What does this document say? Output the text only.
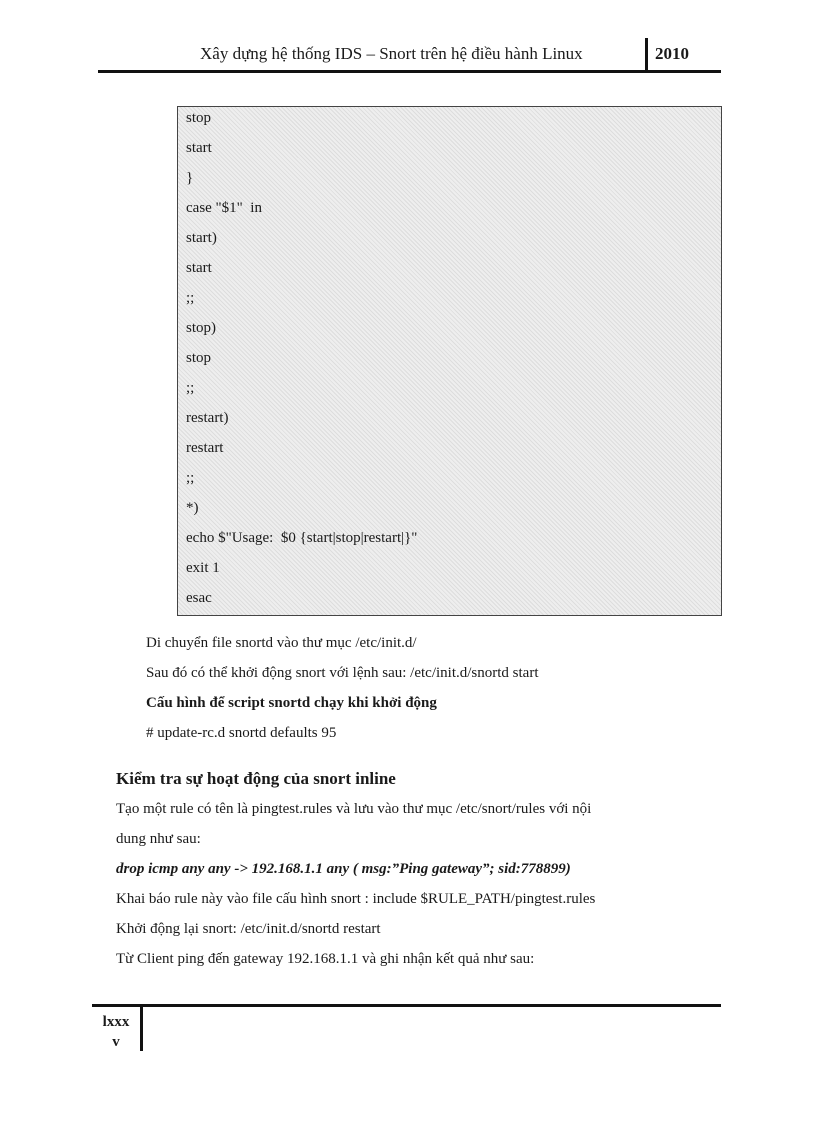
Xây dựng hệ thống IDS – Snort trên hệ điều hành Linux	2010
stop
start
}
case "$1"  in
start)
start
;;
stop)
stop
;;
restart)
restart
;;
*)
echo $"Usage:  $0 {start|stop|restart|}"
exit 1
esac
Di chuyển file snortd vào thư mục /etc/init.d/
Sau đó có thể khởi động snort với lệnh sau: /etc/init.d/snortd start
Cấu hình để script snortd chạy khi khởi động
# update-rc.d snortd defaults 95
Kiểm tra sự hoạt động của snort inline
Tạo một rule có tên là pingtest.rules và lưu vào thư mục /etc/snort/rules với nội
dung như sau:
drop icmp any any -> 192.168.1.1 any ( msg:”Ping gateway”; sid:778899)
Khai báo rule này vào file cấu hình snort : include $RULE_PATH/pingtest.rules
Khởi động lại snort: /etc/init.d/snortd restart
Từ Client ping đến gateway 192.168.1.1 và ghi nhận kết quả như sau:
lxxx
v
